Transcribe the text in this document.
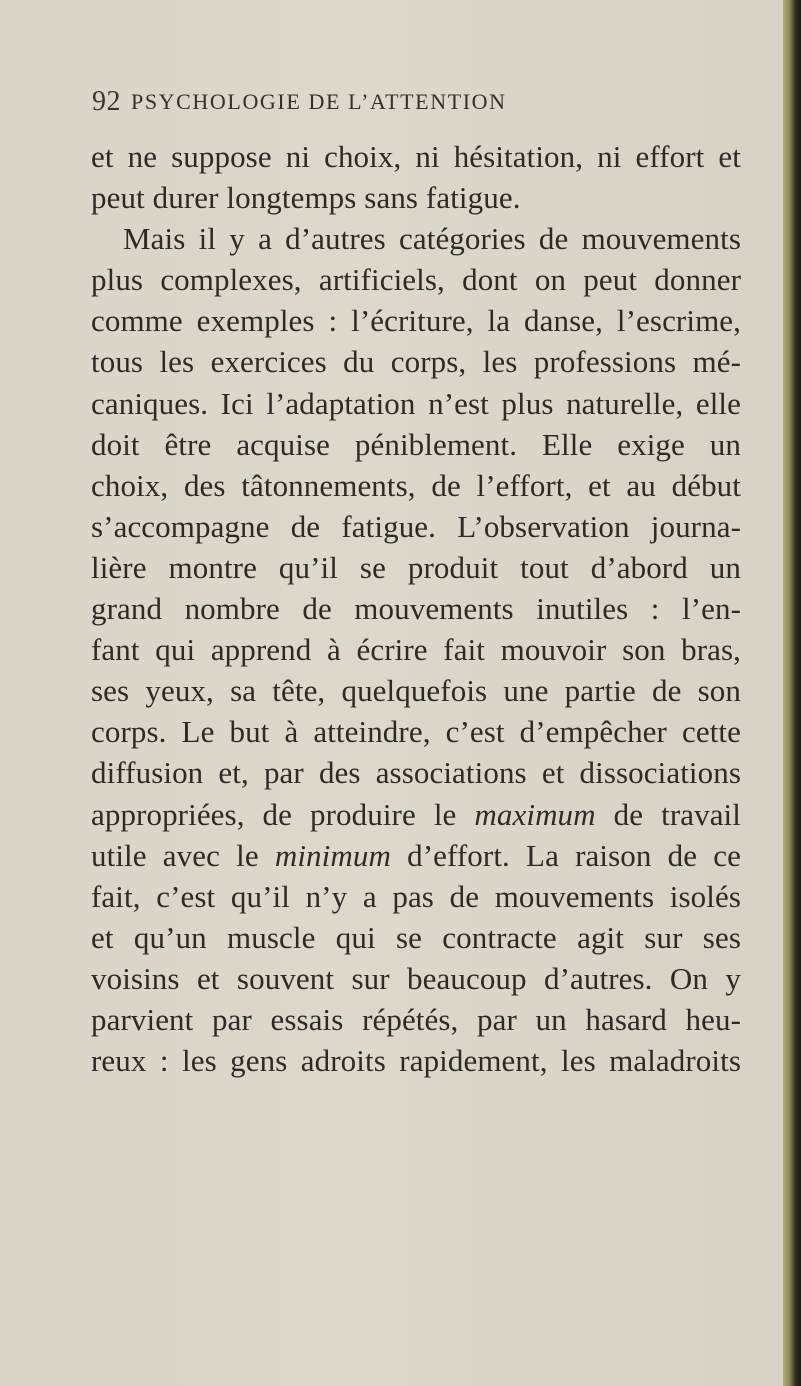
92 PSYCHOLOGIE DE L’ATTENTION
et ne suppose ni choix, ni hésitation, ni effort et
peut durer longtemps sans fatigue.
Mais il y a d’autres catégories de mouvements
plus complexes, artificiels, dont on peut donner
comme exemples : l’écriture, la danse, l’escrime,
tous les exercices du corps, les professions mé-
caniques. Ici l’adaptation n’est plus naturelle, elle
doit être acquise péniblement. Elle exige un
choix, des tâtonnements, de l’effort, et au début
s’accompagne de fatigue. L’observation journa-
lière montre qu’il se produit tout d’abord un
grand nombre de mouvements inutiles : l’en-
fant qui apprend à écrire fait mouvoir son bras,
ses yeux, sa tête, quelquefois une partie de son
corps. Le but à atteindre, c’est d’empêcher cette
diffusion et, par des associations et dissociations
appropriées, de produire le maximum de travail
utile avec le minimum d’effort. La raison de ce
fait, c’est qu’il n’y a pas de mouvements isolés
et qu’un muscle qui se contracte agit sur ses
voisins et souvent sur beaucoup d’autres. On y
parvient par essais répétés, par un hasard heu-
reux : les gens adroits rapidement, les maladroits
